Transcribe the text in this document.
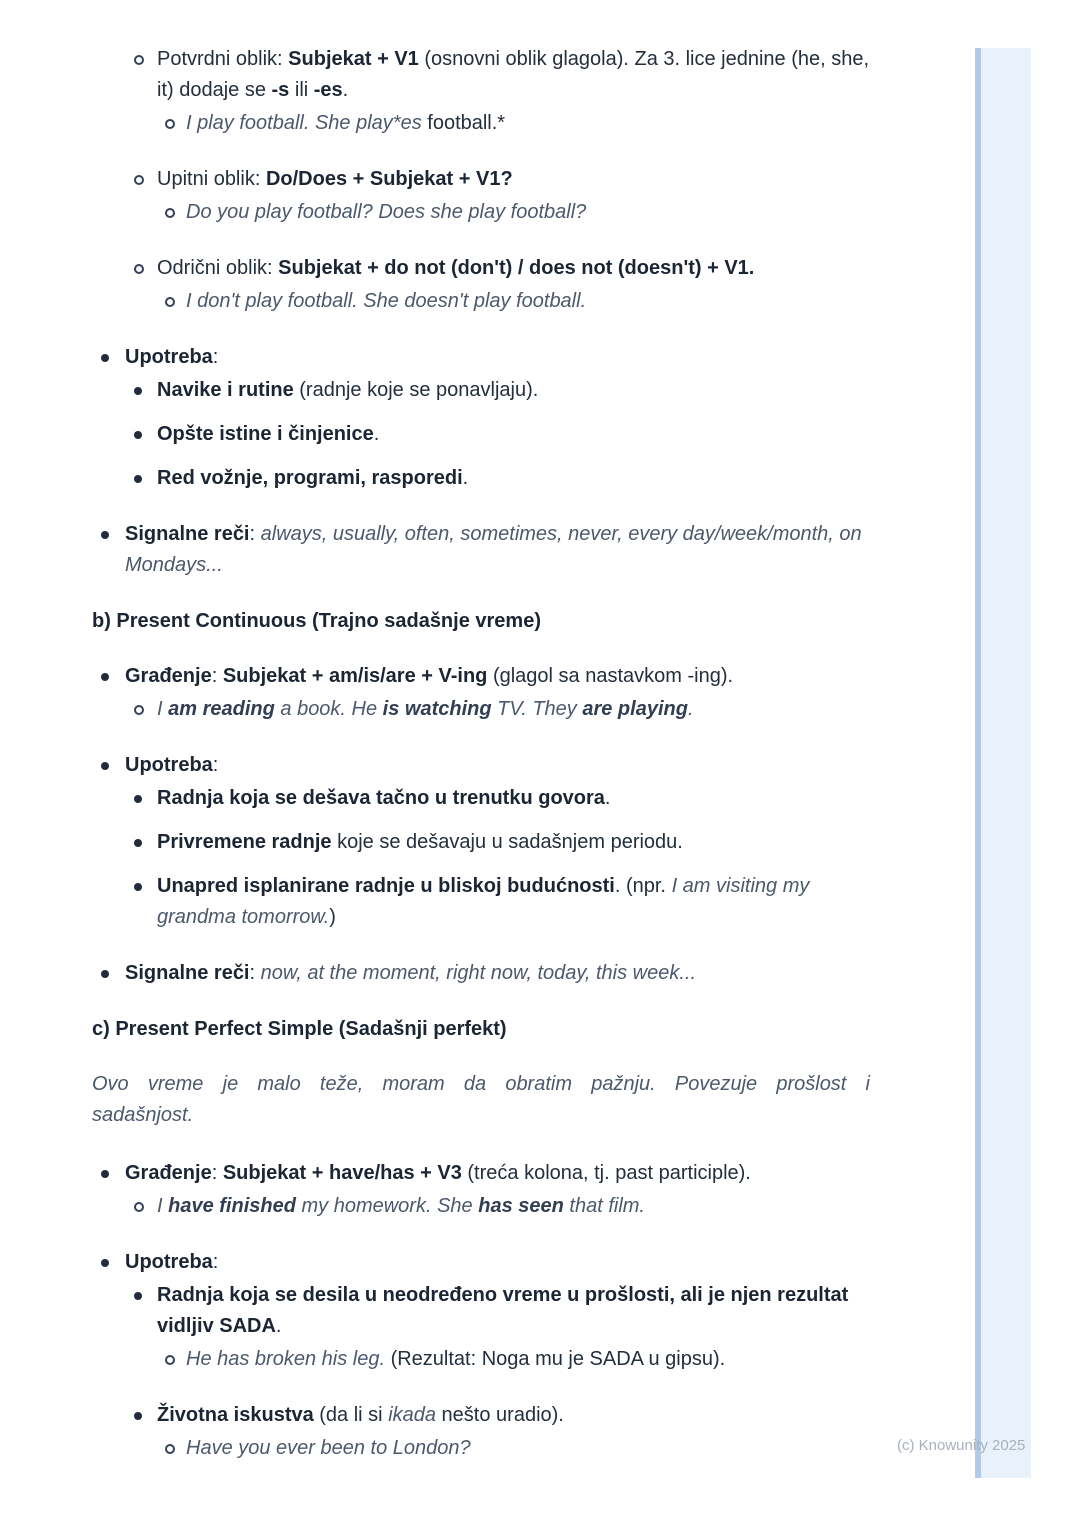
(c) Knowunity 2025
Potvrdni oblik: Subjekat + V1 (osnovni oblik glagola). Za 3. lice jednine (he, she, it) dodaje se -s ili -es.
I play football. She play*es football.*
Upitni oblik: Do/Does + Subjekat + V1?
Do you play football? Does she play football?
Odrični oblik: Subjekat + do not (don't) / does not (doesn't) + V1.
I don't play football. She doesn't play football.
Upotreba:
Navike i rutine (radnje koje se ponavljaju).
Opšte istine i činjenice.
Red vožnje, programi, rasporedi.
Signalne reči: always, usually, often, sometimes, never, every day/week/month, on Mondays...
b) Present Continuous (Trajno sadašnje vreme)
Građenje: Subjekat + am/is/are + V-ing (glagol sa nastavkom -ing).
I am reading a book. He is watching TV. They are playing.
Upotreba:
Radnja koja se dešava tačno u trenutku govora.
Privremene radnje koje se dešavaju u sadašnjem periodu.
Unapred isplanirane radnje u bliskoj budućnosti. (npr. I am visiting my grandma tomorrow.)
Signalne reči: now, at the moment, right now, today, this week...
c) Present Perfect Simple (Sadašnji perfekt)
Ovo vreme je malo teže, moram da obratim pažnju. Povezuje prošlost i
sadašnjost.
Građenje: Subjekat + have/has + V3 (treća kolona, tj. past participle).
I have finished my homework. She has seen that film.
Upotreba:
Radnja koja se desila u neodređeno vreme u prošlosti, ali je njen rezultat vidljiv SADA.
He has broken his leg. (Rezultat: Noga mu je SADA u gipsu).
Životna iskustva (da li si ikada nešto uradio).
Have you ever been to London?
